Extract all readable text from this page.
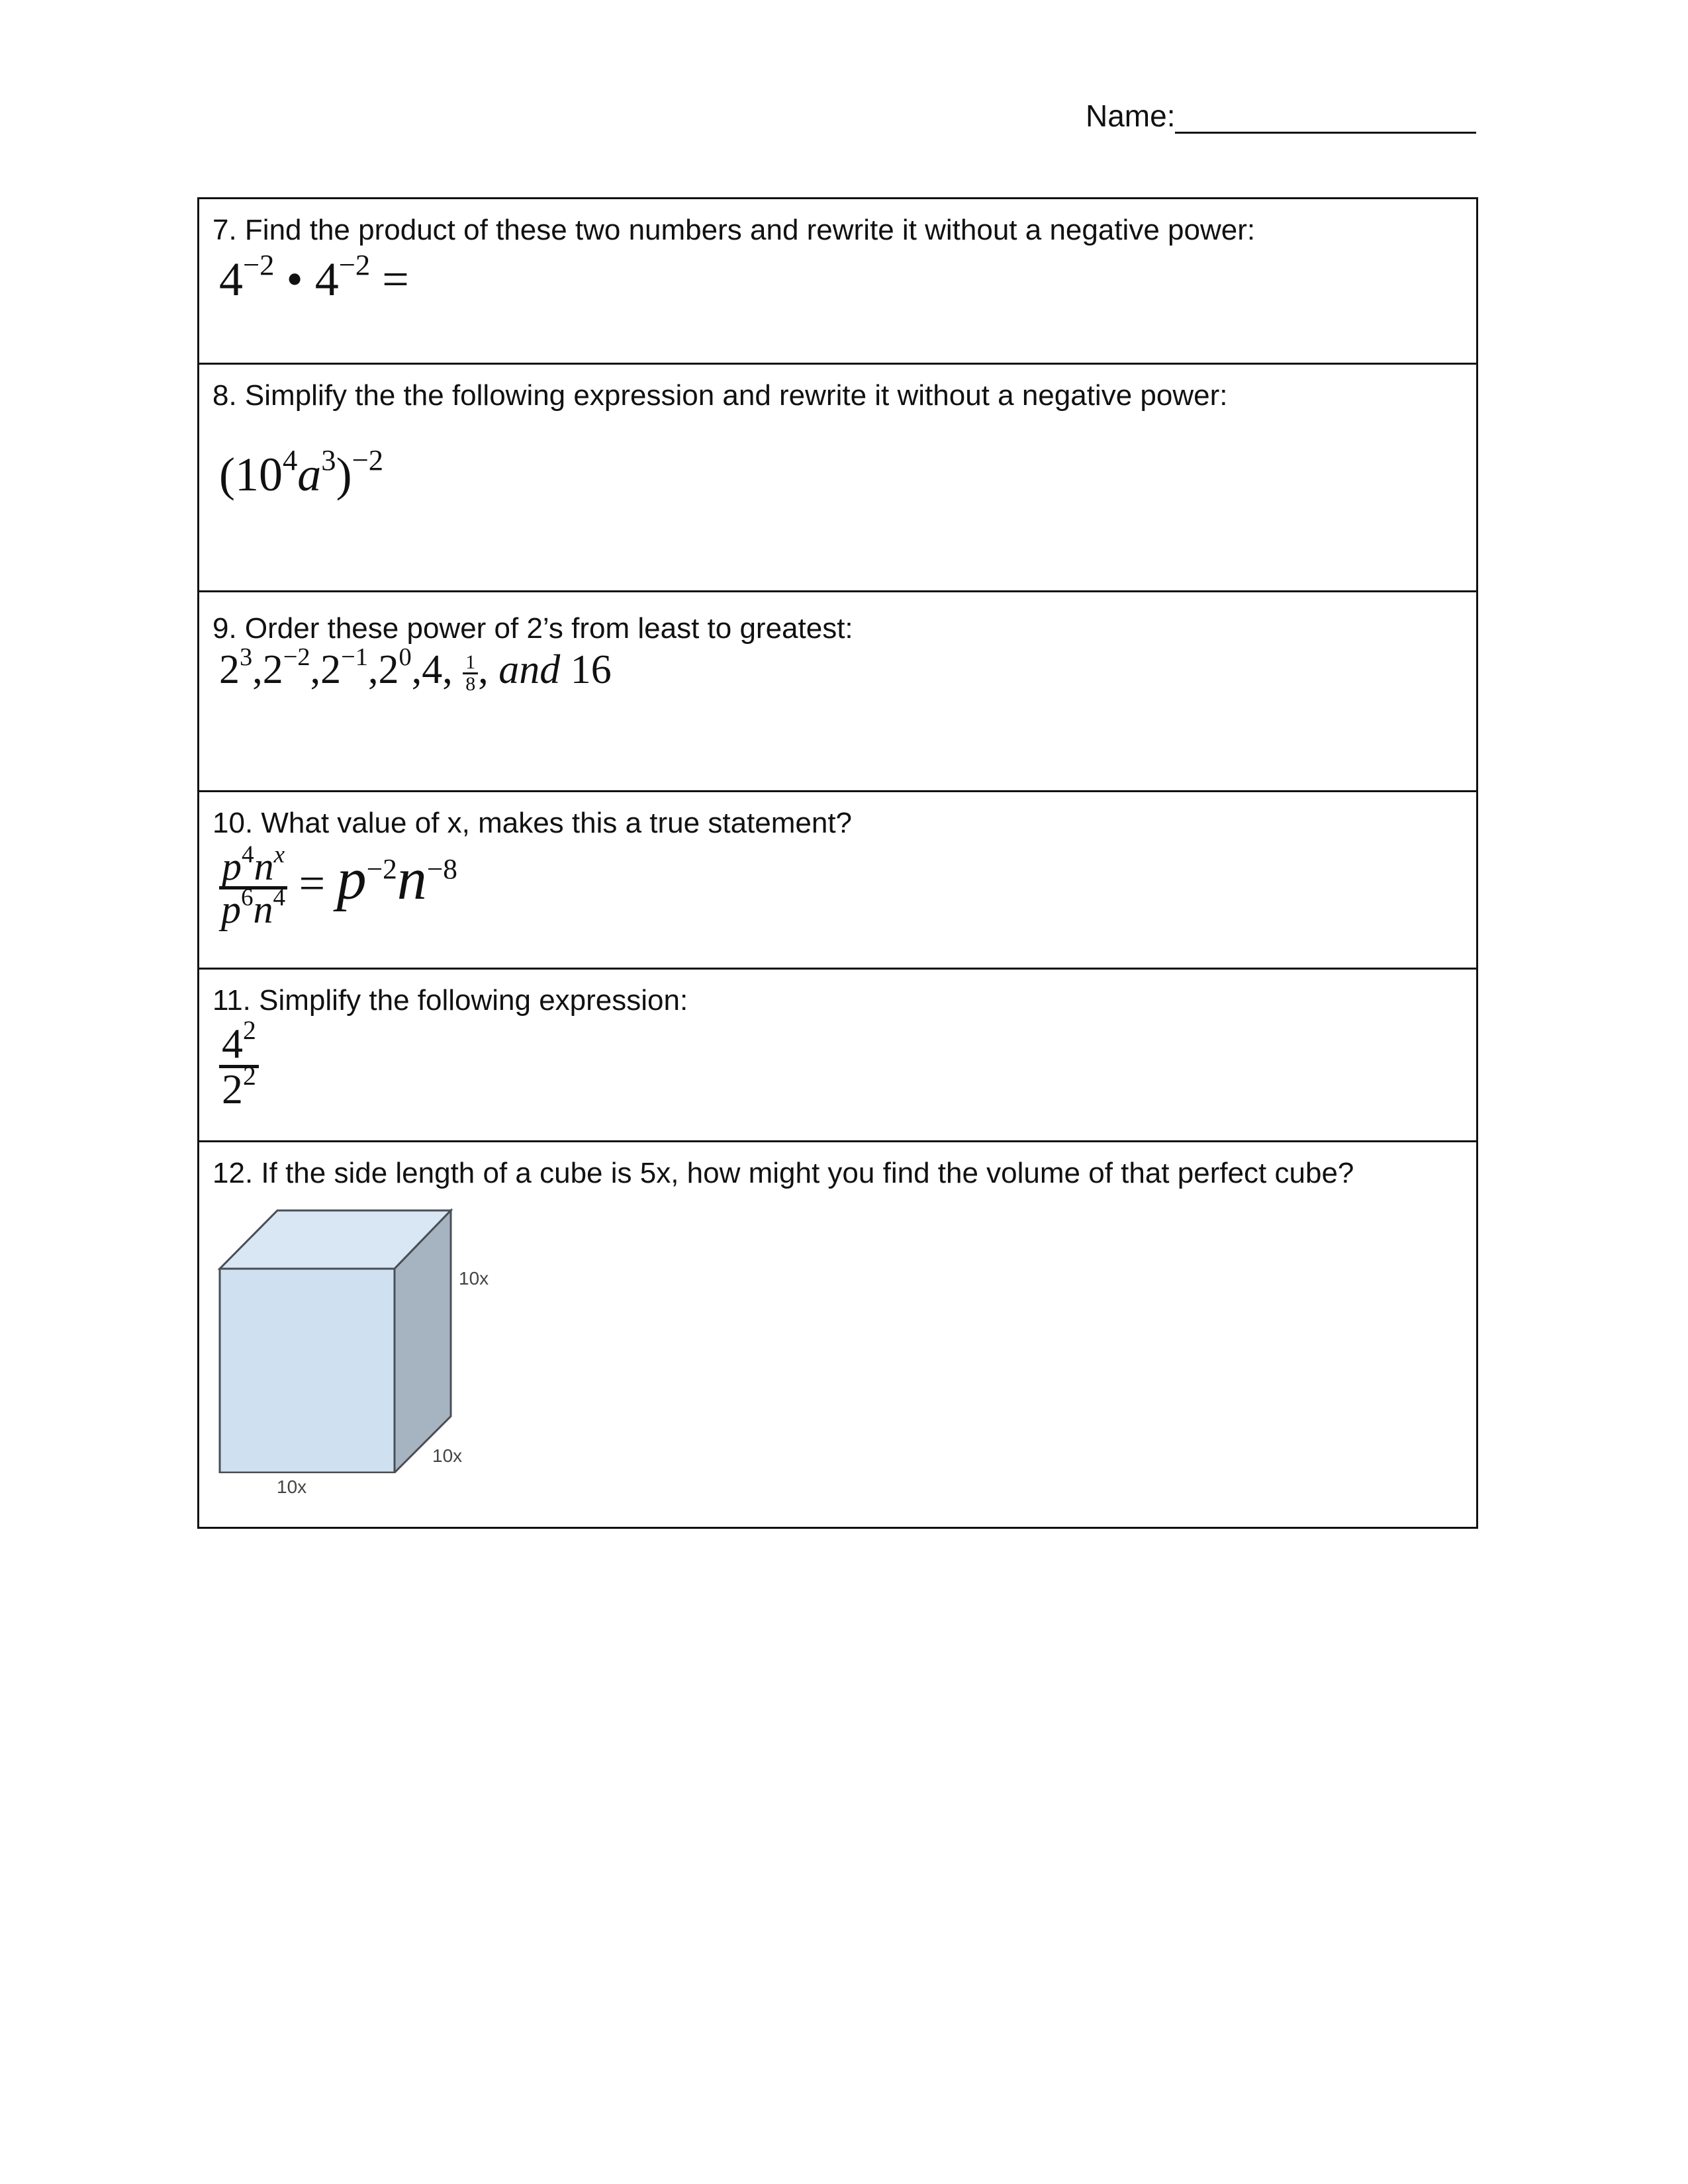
Name:
7. Find the product of these two numbers and rewrite it without a negative power:
$4^{-2}$ • $4^{-2}$ =
8. Simplify the the following expression and rewrite it without a negative power:
$(10^4a^3)^{-2}$
9. Order these power of 2’s from least to greatest:
$2^3,2^{-2},2^{-1},2^0,4$, $\frac{1}{8}$ , and 16
10. What value of x, makes this a true statement?
$\frac{p^4n^x}{p^6n^4} = p^{-2}n^{-8}$
11. Simplify the following expression:
$\frac{4^2}{2^2}$
12. If the side length of a cube is 5x, how might you find the volume of that perfect cube?
10x
10x
10x
